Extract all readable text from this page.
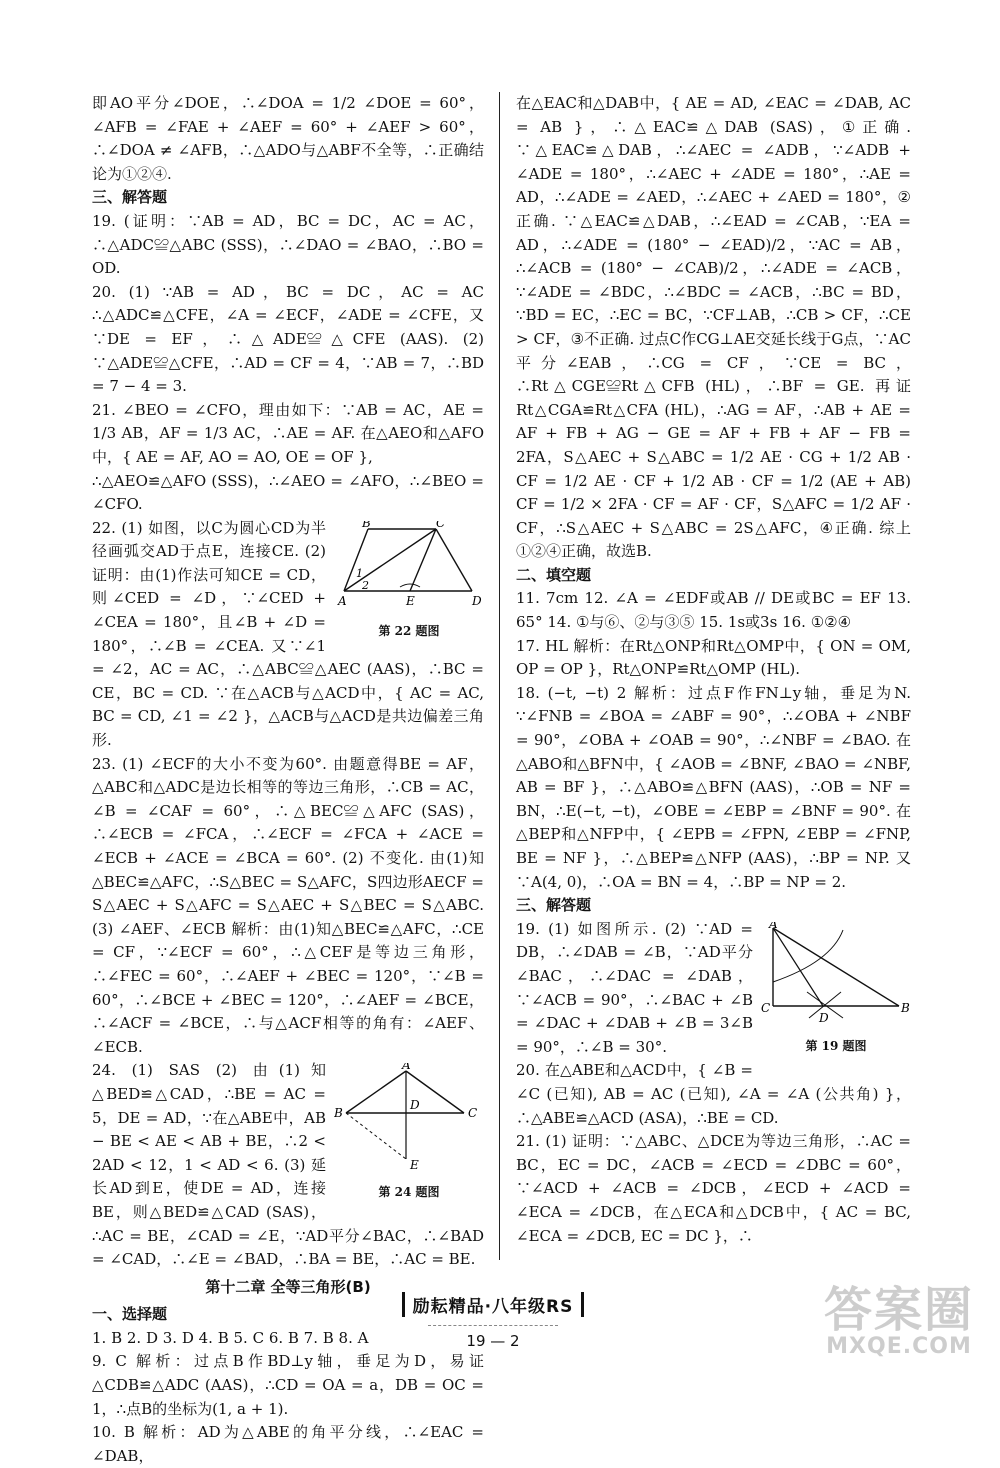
即AO平分∠DOE，∴∠DOA = 1/2 ∠DOE = 60°，∠AFB = ∠FAE + ∠AEF = 60° + ∠AEF > 60°，∴∠DOA ≠ ∠AFB，∴△ADO与△ABF不全等，∴正确结论为①②④.

三、解答题

19. (证明：∵AB = AD，BC = DC，AC = AC，∴△ADC≌△ABC (SSS)，∴∠DAO = ∠BAO，∴BO = OD.

20. (1) ∵AB = AD，BC = DC，AC = AC ∴△ADC≌△CFE，∠A = ∠ECF，∠ADE = ∠CFE，又∵DE = EF，∴△ADE≌△CFE (AAS). (2) ∵△ADE≌△CFE，∴AD = CF = 4，∵AB = 7，∴BD = 7 − 4 = 3.

21. ∠BEO = ∠CFO，理由如下：∵AB = AC，AE = 1/3 AB，AF = 1/3 AC，∴AE = AF. 在△AEO和△AFO中，{ AE = AF, AO = AO, OE = OF },

∴△AEO≌△AFO (SSS)，∴∠AEO = ∠AFO，∴∠BEO = ∠CFO.

A
B	C
D
E
1
2
第 22 题图

22. (1) 如图，以C为圆心CD为半径画弧交AD于点E，连接CE. (2) 证明：由(1)作法可知CE = CD，则∠CED = ∠D，∵∠CED + ∠CEA = 180°，且∠B + ∠D = 180°，∴∠B = ∠CEA. 又∵∠1 = ∠2，AC = AC，∴△ABC≌△AEC (AAS)，∴BC = CE，BC = CD. ∵在△ACB与△ACD中，{ AC = AC, BC = CD, ∠1 = ∠2 }，△ACB与△ACD是共边偏差三角形.

23. (1) ∠ECF的大小不变为60°. 由题意得BE = AF，△ABC和△ADC是边长相等的等边三角形，∴CB = AC，∠B = ∠CAF = 60°，∴△BEC≌△AFC (SAS)，∴∠ECB = ∠FCA，∴∠ECF = ∠FCA + ∠ACE = ∠ECB + ∠ACE = ∠BCA = 60°. (2) 不变化. 由(1)知△BEC≌△AFC，∴S△BEC = S△AFC，S四边形AECF = S△AEC + S△AFC = S△AEC + S△BEC = S△ABC. (3) ∠AEF、∠ECB 解析：由(1)知△BEC≌△AFC，∴CE = CF，∵∠ECF = 60°，∴△CEF是等边三角形，∴∠FEC = 60°，∴∠AEF + ∠BEC = 120°，∵∠B = 60°，∴∠BCE + ∠BEC = 120°，∴∠AEF = ∠BCE，∴∠ACF = ∠BCE，∴与△ACF相等的角有：∠AEF、∠ECB.

A
B	C
D
E
第 24 题图

24. (1) SAS (2) 由(1)知△BED≌△CAD，∴BE = AC = 5，DE = AD，∵在△ABE中，AB − BE < AE < AB + BE，∴2 < 2AD < 12，1 < AD < 6. (3) 延长AD到E，使DE = AD，连接BE，则△BED≌△CAD (SAS)，∴AC = BE，∠CAD = ∠E，∵AD平分∠BAC，∴∠BAD = ∠CAD，∴∠E = ∠BAD，∴BA = BE，∴AC = BE.

第十二章 全等三角形(B)

一、选择题

1. B 2. D 3. D 4. B 5. C 6. B 7. B 8. A

9. C 解析：过点B作BD⊥y轴，垂足为D，易证△CDB≌△ADC (AAS)，∴CD = OA = a，DB = OC = 1，∴点B的坐标为(1, a + 1).

10. B 解析：AD为△ABE的角平分线，∴∠EAC = ∠DAB，

在△EAC和△DAB中，{ AE = AD, ∠EAC = ∠DAB, AC = AB }，∴△EAC≌△DAB (SAS)，①正确. ∵△EAC≌△DAB，∴∠AEC = ∠ADB，∵∠ADB + ∠ADE = 180°，∴∠AEC + ∠ADE = 180°，∴AE = AD，∴∠ADE = ∠AED，∴∠AEC + ∠AED = 180°，②正确. ∵△EAC≌△DAB，∴∠EAD = ∠CAB，∵EA = AD，∴∠ADE = (180° − ∠EAD)/2，∵AC = AB，∴∠ACB = (180° − ∠CAB)/2，∴∠ADE = ∠ACB，∵∠ADE = ∠BDC，∴∠BDC = ∠ACB，∴BC = BD，∵BD = EC，∴EC = BC，∵CF⊥AB，∴CB > CF，∴CE > CF，③不正确. 过点C作CG⊥AE交延长线于G点，∵AC平分∠EAB，∴CG = CF，∵CE = BC，∴Rt△CGE≌Rt△CFB (HL)，∴BF = GE. 再证Rt△CGA≌Rt△CFA (HL)，∴AG = AF，∴AB + AE = AF + FB + AG − GE = AF + FB + AF − FB = 2FA，S△AEC + S△ABC = 1/2 AE · CG + 1/2 AB · CF = 1/2 AE · CF + 1/2 AB · CF = 1/2 (AE + AB) CF = 1/2 × 2FA · CF = AF · CF，S△AFC = 1/2 AF · CF，∴S△AEC + S△ABC = 2S△AFC，④正确. 综上①②④正确，故选B.

二、填空题

11. 7cm 12. ∠A = ∠EDF或AB // DE或BC = EF 13. 65° 14. ①与⑥、②与③⑤ 15. 1s或3s 16. ①②④

17. HL 解析：在Rt△ONP和Rt△OMP中，{ ON = OM, OP = OP }，Rt△ONP≌Rt△OMP (HL).

18. (−t, −t) 2 解析：过点F作FN⊥y轴，垂足为N. ∵∠FNB = ∠BOA = ∠ABF = 90°，∴∠OBA + ∠NBF = 90°，∠OBA + ∠OAB = 90°，∴∠NBF = ∠BAO. 在△ABO和△BFN中，{ ∠AOB = ∠BNF, ∠BAO = ∠NBF, AB = BF }，∴△ABO≌△BFN (AAS)，∴OB = NF = BN，∴E(−t, −t)，∠OBE = ∠EBP = ∠BNF = 90°. 在△BEP和△NFP中，{ ∠EPB = ∠FPN, ∠EBP = ∠FNP, BE = NF }，∴△BEP≌△NFP (AAS)，∴BP = NP. 又∵A(4, 0)，∴OA = BN = 4，∴BP = NP = 2.

三、解答题

A
B
C
D
第 19 题图

19. (1) 如图所示. (2) ∵AD = DB，∴∠DAB = ∠B，∵AD平分∠BAC，∴∠DAC = ∠DAB，∵∠ACB = 90°，∴∠BAC + ∠B = ∠DAC + ∠DAB + ∠B = 3∠B = 90°，∴∠B = 30°.

20. 在△ABE和△ACD中，{ ∠B = ∠C (已知), AB = AC (已知), ∠A = ∠A (公共角) }，∴△ABE≌△ACD (ASA)，∴BE = CD.

21. (1) 证明：∵△ABC、△DCE为等边三角形，∴AC = BC，EC = DC，∠ACB = ∠ECD = ∠DBC = 60°，∵∠ACD + ∠ACB = ∠DCB，∠ECD + ∠ACD = ∠ECA = ∠DCB，在△ECA和△DCB中，{ AC = BC, ∠ECA = ∠DCB, EC = DC }，∴

励耘精品·八年级RS
19 — 2
答案圈
MXQE.COM
